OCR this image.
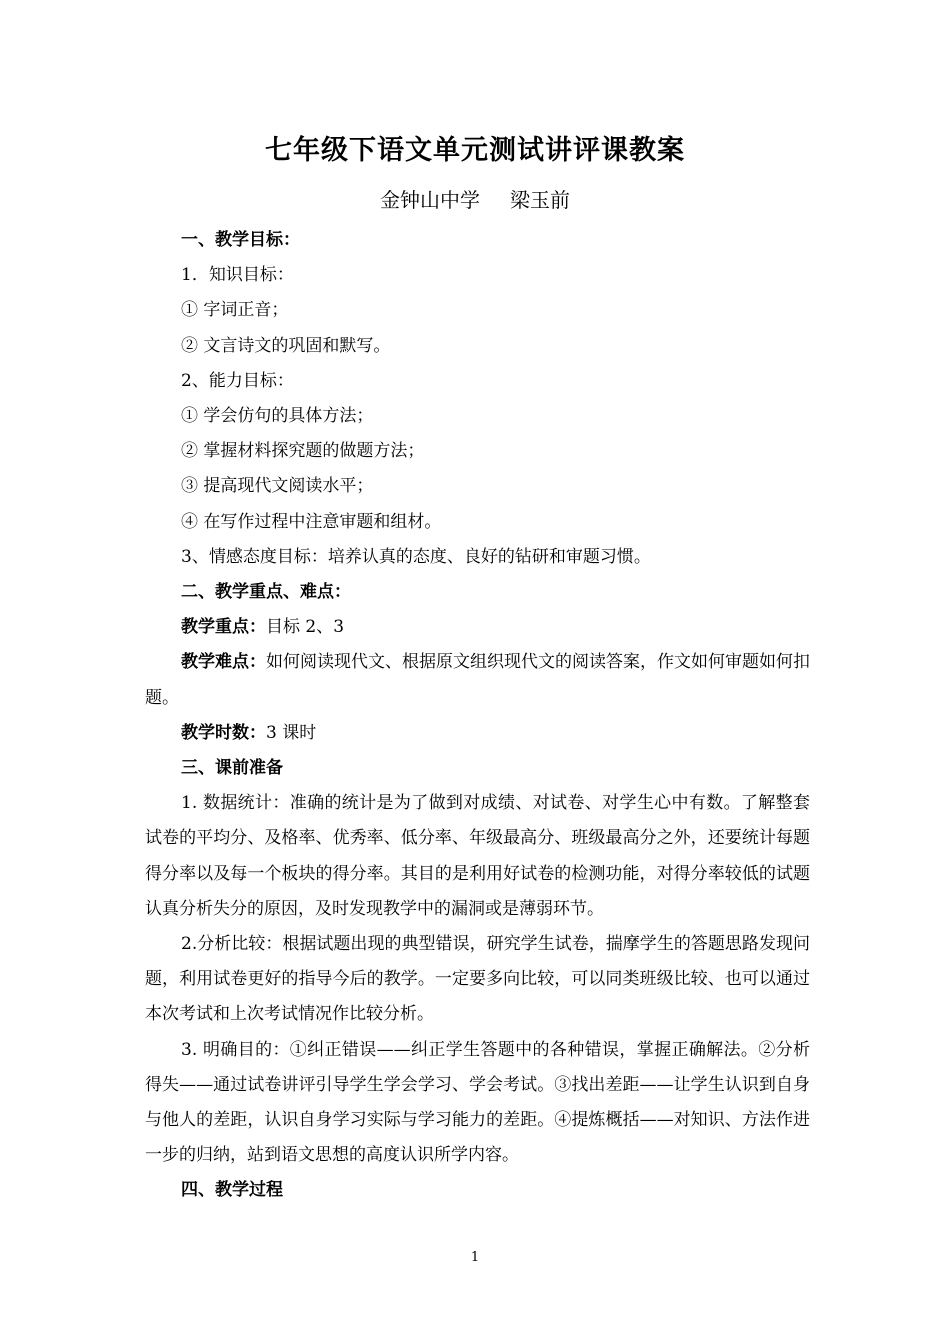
七年级下语文单元测试讲评课教案
金钟山中学 梁玉前

一、教学目标：

1．知识目标：

① 字词正音；

② 文言诗文的巩固和默写。

2、能力目标：

① 学会仿句的具体方法；

② 掌握材料探究题的做题方法；

③ 提高现代文阅读水平；

④ 在写作过程中注意审题和组材。

3、情感态度目标：培养认真的态度、良好的钻研和审题习惯。

二、教学重点、难点：

教学重点：目标 2、3

教学难点：如何阅读现代文、根据原文组织现代文的阅读答案，作文如何审题如何扣题。

教学时数：3 课时

三、课前准备

1. 数据统计：准确的统计是为了做到对成绩、对试卷、对学生心中有数。了解整套试卷的平均分、及格率、优秀率、低分率、年级最高分、班级最高分之外，还要统计每题得分率以及每一个板块的得分率。其目的是利用好试卷的检测功能，对得分率较低的试题认真分析失分的原因，及时发现教学中的漏洞或是薄弱环节。

2.分析比较：根据试题出现的典型错误，研究学生试卷，揣摩学生的答题思路发现问题，利用试卷更好的指导今后的教学。一定要多向比较，可以同类班级比较、也可以通过本次考试和上次考试情况作比较分析。

3. 明确目的：①纠正错误——纠正学生答题中的各种错误，掌握正确解法。②分析得失——通过试卷讲评引导学生学会学习、学会考试。③找出差距——让学生认识到自身与他人的差距，认识自身学习实际与学习能力的差距。④提炼概括——对知识、方法作进一步的归纳，站到语文思想的高度认识所学内容。

四、教学过程

1
